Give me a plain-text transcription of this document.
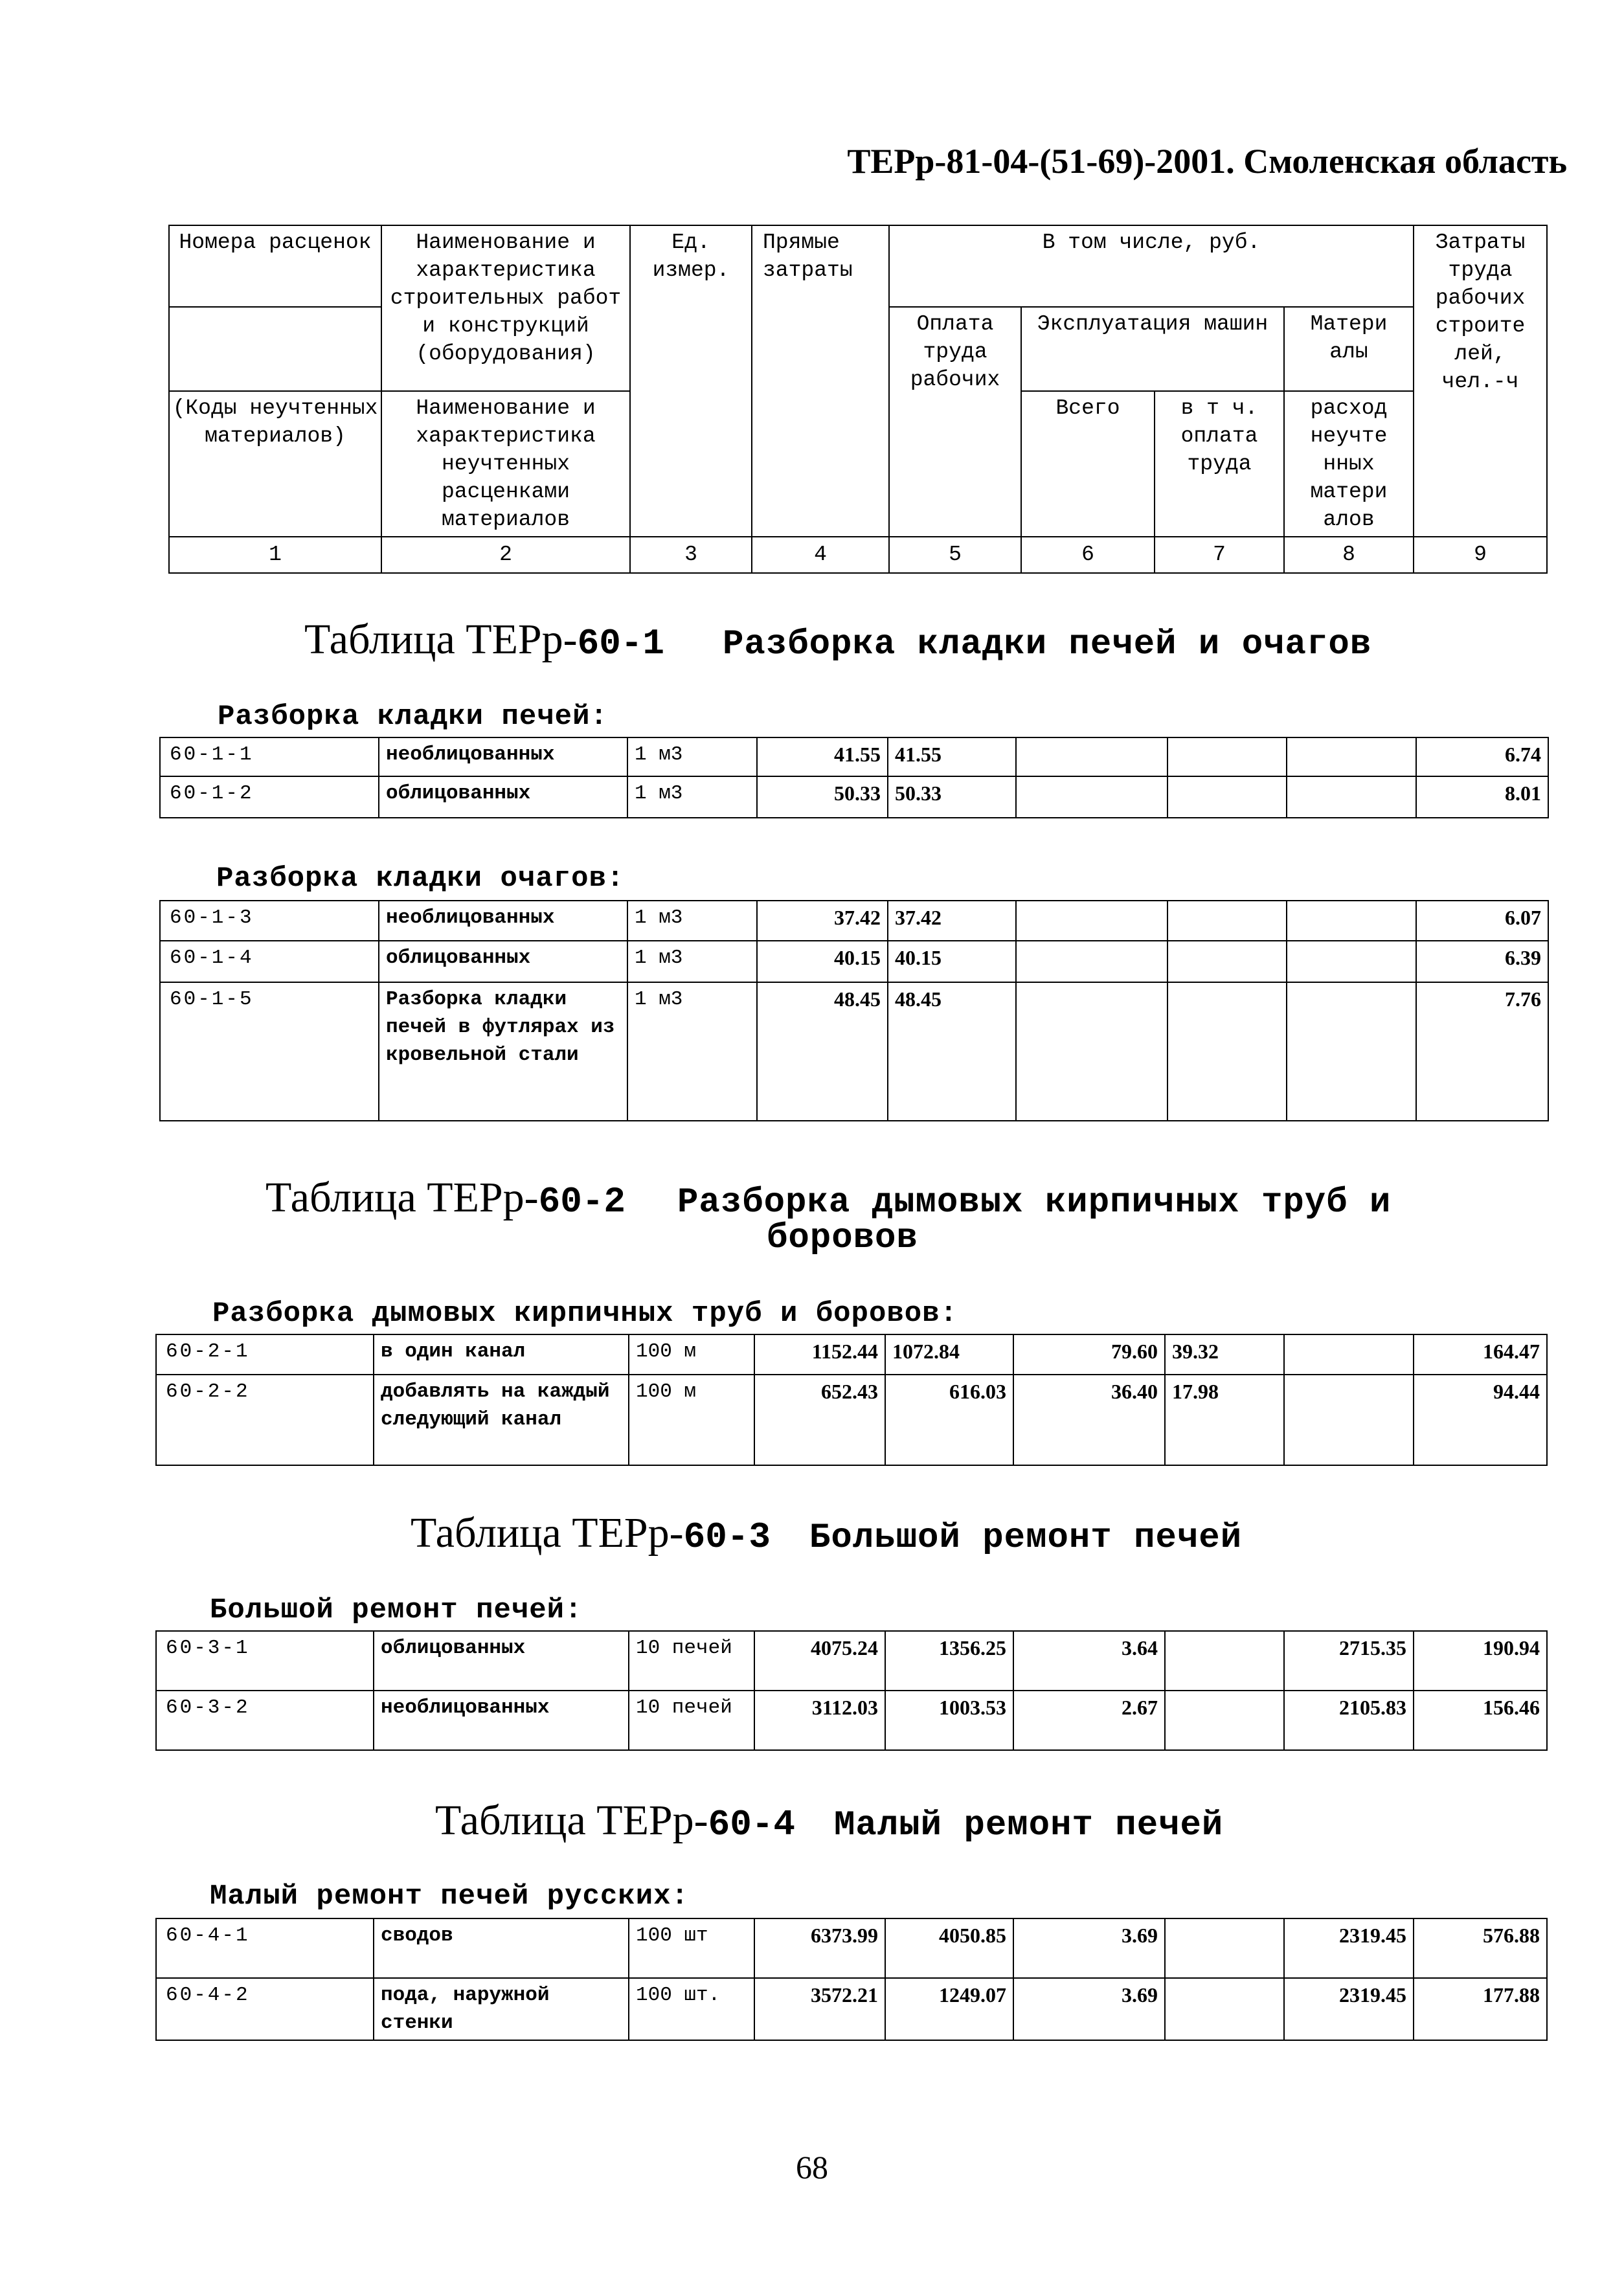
ТЕРр-81-04-(51-69)-2001. Смоленская область
Номера расценок	Наименование и характеристика строительных работ и конструкций (оборудования)	Ед. измер.	Прямые затраты	В том числе, руб.				Затраты труда рабочих строите лей, чел.-ч
				Оплата труда рабочих	Эксплуатация машин		Матери алы	
(Коды неучтенных материалов)	Наименование и характеристика неучтенных расценками материалов				Всего	в т ч. оплата труда	расход неучте нных матери алов	
1	2	3	4	5	6	7	8	9
Таблица ТЕРр-60-1 Разборка кладки печей и очагов
Разборка кладки печей:
60-1-1	необлицованных	1 м3	41.55	41.55				6.74
60-1-2	облицованных	1 м3	50.33	50.33				8.01
Разборка кладки очагов:
60-1-3	необлицованных	1 м3	37.42	37.42				6.07
60-1-4	облицованных	1 м3	40.15	40.15				6.39
60-1-5	Разборка кладки печей в футлярах из кровельной стали	1 м3	48.45	48.45				7.76
Таблица ТЕРр-60-2 Разборка дымовых кирпичных труб и
боровов
Разборка дымовых кирпичных труб и боровов:
60-2-1	в один канал	100 м	1152.44	1072.84	79.60	39.32		164.47
60-2-2	добавлять на каждый следующий канал	100 м	652.43	616.03	36.40	17.98		94.44
Таблица ТЕРр-60-3 Большой ремонт печей
Большой ремонт печей:
60-3-1	облицованных	10 печей	4075.24	1356.25	3.64		2715.35	190.94
60-3-2	необлицованных	10 печей	3112.03	1003.53	2.67		2105.83	156.46
Таблица ТЕРр-60-4 Малый ремонт печей
Малый ремонт печей русских:
60-4-1	сводов	100 шт	6373.99	4050.85	3.69		2319.45	576.88
60-4-2	пода, наружной стенки	100 шт.	3572.21	1249.07	3.69		2319.45	177.88
68
